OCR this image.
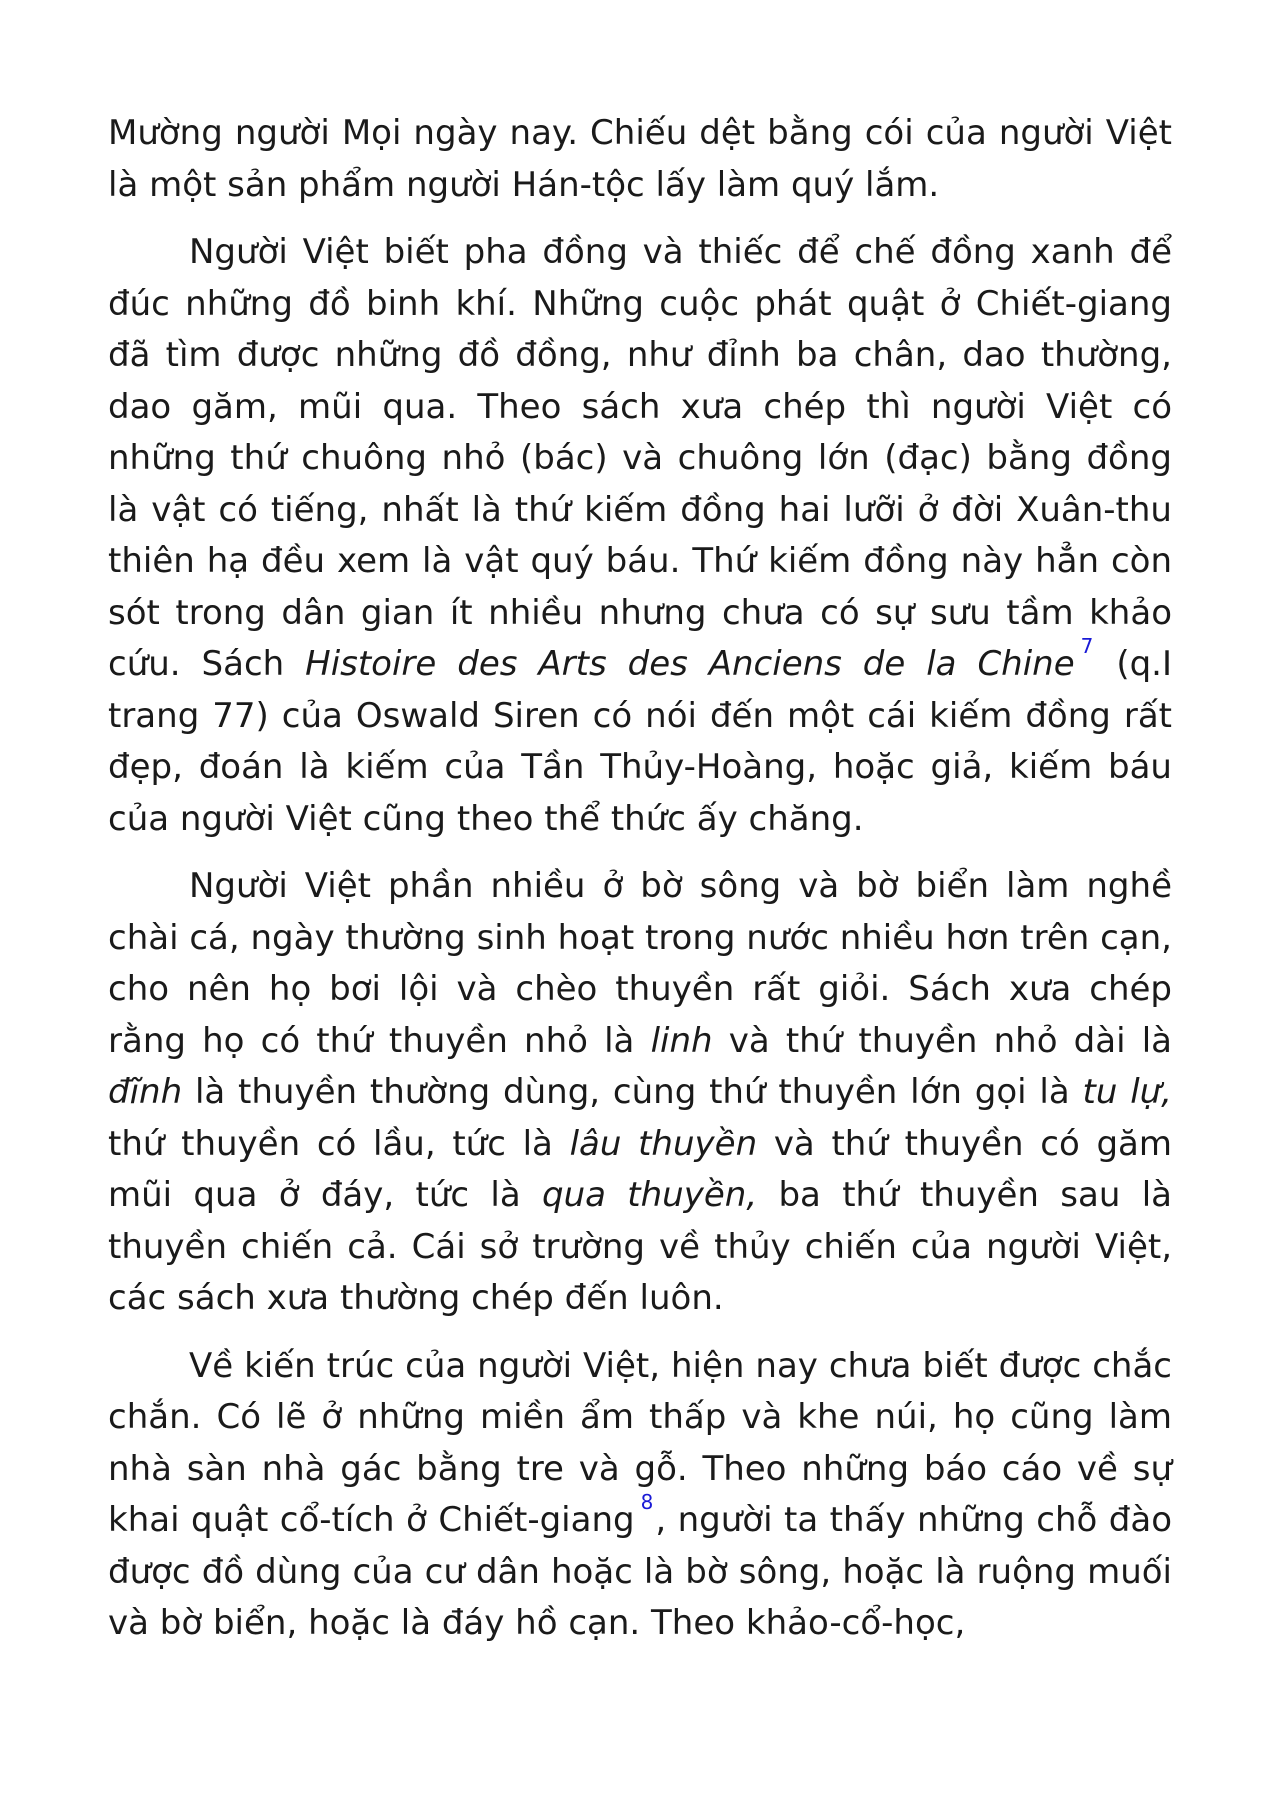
Mường người Mọi ngày nay. Chiếu dệt bằng cói của người Việt là một sản phẩm người Hán-tộc lấy làm quý lắm.

Người Việt biết pha đồng và thiếc để chế đồng xanh để đúc những đồ binh khí. Những cuộc phát quật ở Chiết-giang đã tìm được những đồ đồng, như đỉnh ba chân, dao thường, dao găm, mũi qua. Theo sách xưa chép thì người Việt có những thứ chuông nhỏ (bác) và chuông lớn (đạc) bằng đồng là vật có tiếng, nhất là thứ kiếm đồng hai lưỡi ở đời Xuân-thu thiên hạ đều xem là vật quý báu. Thứ kiếm đồng này hẳn còn sót trong dân gian ít nhiều nhưng chưa có sự sưu tầm khảo cứu. Sách Histoire des Arts des Anciens de la Chine $^7$ (q.I trang 77) của Oswald Siren có nói đến một cái kiếm đồng rất đẹp, đoán là kiếm của Tần Thủy-Hoàng, hoặc giả, kiếm báu của người Việt cũng theo thể thức ấy chăng.

Người Việt phần nhiều ở bờ sông và bờ biển làm nghề chài cá, ngày thường sinh hoạt trong nước nhiều hơn trên cạn, cho nên họ bơi lội và chèo thuyền rất giỏi. Sách xưa chép rằng họ có thứ thuyền nhỏ là linh và thứ thuyền nhỏ dài là đĩnh là thuyền thường dùng, cùng thứ thuyền lớn gọi là tu lự, thứ thuyền có lầu, tức là lâu thuyền và thứ thuyền có găm mũi qua ở đáy, tức là qua thuyền, ba thứ thuyền sau là thuyền chiến cả. Cái sở trường về thủy chiến của người Việt, các sách xưa thường chép đến luôn.

Về kiến trúc của người Việt, hiện nay chưa biết được chắc chắn. Có lẽ ở những miền ẩm thấp và khe núi, họ cũng làm nhà sàn nhà gác bằng tre và gỗ. Theo những báo cáo về sự khai quật cổ-tích ở Chiết-giang $^8$, người ta thấy những chỗ đào được đồ dùng của cư dân hoặc là bờ sông, hoặc là ruộng muối và bờ biển, hoặc là đáy hồ cạn. Theo khảo-cổ-học,
